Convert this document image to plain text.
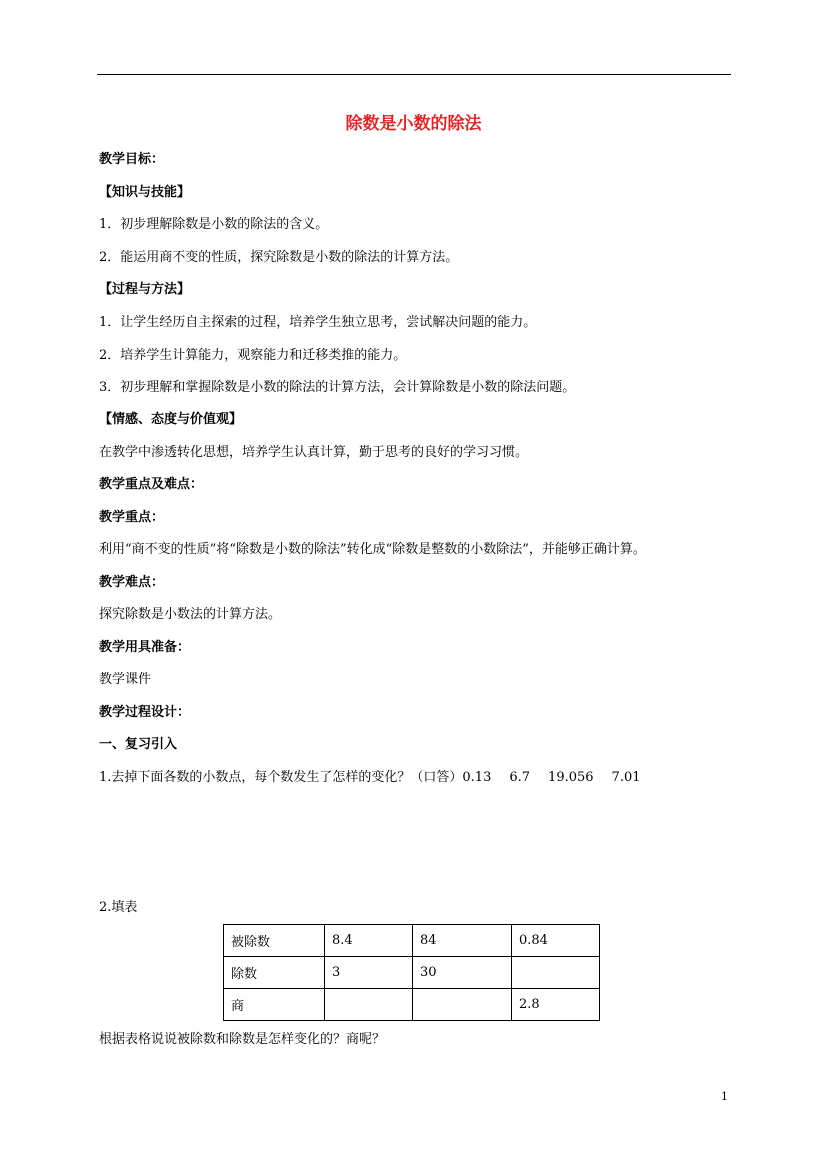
除数是小数的除法
教学目标：
【知识与技能】
1．初步理解除数是小数的除法的含义。
2．能运用商不变的性质，探究除数是小数的除法的计算方法。
【过程与方法】
1．让学生经历自主探索的过程，培养学生独立思考，尝试解决问题的能力。
2．培养学生计算能力，观察能力和迁移类推的能力。
3．初步理解和掌握除数是小数的除法的计算方法，会计算除数是小数的除法问题。
【情感、态度与价值观】
在教学中渗透转化思想，培养学生认真计算，勤于思考的良好的学习习惯。
教学重点及难点：
教学重点：
利用“商不变的性质”将“除数是小数的除法”转化成“除数是整数的小数除法”，并能够正确计算。
教学难点：
探究除数是小数法的计算方法。
教学用具准备：
教学课件
教学过程设计：
一、复习引入
1.去掉下面各数的小数点，每个数发生了怎样的变化？（口答）0.13 6.7 19.056 7.01
2.填表
被除数	8.4	84	0.84
除数	3	30	
商			2.8
根据表格说说被除数和除数是怎样变化的？商呢？
1
